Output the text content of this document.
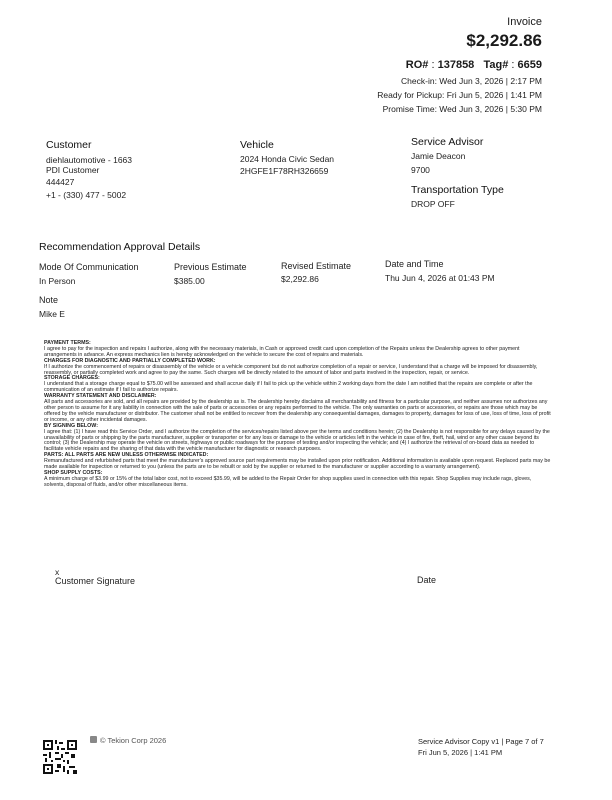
Invoice
$2,292.86
RO# : 137858 Tag# : 6659
Check-in: Wed Jun 3, 2026 | 2:17 PM
Ready for Pickup: Fri Jun 5, 2026 | 1:41 PM
Promise Time: Wed Jun 3, 2026 | 5:30 PM
Customer
diehlautomotive - 1663
PDI Customer
444427
+1 - (330) 477 - 5002
Vehicle
2024 Honda Civic Sedan
2HGFE1F78RH326659
Service Advisor
Jamie Deacon
9700
Transportation Type
DROP OFF
Recommendation Approval Details
Mode Of Communication	Previous Estimate	Revised Estimate	Date and Time
In Person	$385.00	$2,292.86	Thu Jun 4, 2026 at 01:43 PM
Note
Mike E

PAYMENT TERMS:

I agree to pay for the inspection and repairs I authorize, along with the necessary materials, in Cash or approved credit card upon completion of the Repairs unless the Dealership agrees to other payment arrangements in advance. An express mechanics lien is hereby acknowledged on the vehicle to secure the cost of repairs and materials.

CHARGES FOR DIAGNOSTIC AND PARTIALLY COMPLETED WORK:

If I authorize the commencement of repairs or disassembly of the vehicle or a vehicle component but do not authorize completion of a repair or service, I understand that a charge will be imposed for disassembly, reassembly, or partially completed work and agree to pay the same. Such charges will be directly related to the amount of labor and parts involved in the inspection, repair, or service.

STORAGE CHARGES:

I understand that a storage charge equal to $75.00 will be assessed and shall accrue daily if I fail to pick up the vehicle within 2 working days from the date I am notified that the repairs are complete or after the communication of an estimate if I fail to authorize repairs.

WARRANTY STATEMENT AND DISCLAIMER:

All parts and accessories are sold, and all repairs are provided by the dealership as is. The dealership hereby disclaims all merchantability and fitness for a particular purpose, and neither assumes nor authorizes any other person to assume for it any liability in connection with the sale of parts or accessories or any repairs performed to the vehicle. The only warranties on parts or accessories, or repairs are those which may be offered by the vehicle manufacturer or distributor. The customer shall not be entitled to recover from the dealership any consequential damages, damages to property, damages for loss of use, loss of time, loss of profit or income, or any other incidental damages.

BY SIGNING BELOW:

I agree that: (1) I have read this Service Order, and I authorize the completion of the services/repairs listed above per the terms and conditions herein; (2) the Dealership is not responsible for any delays caused by the unavailability of parts or shipping by the parts manufacturer, supplier or transporter or for any loss or damage to the vehicle or articles left in the vehicle in case of fire, theft, hail, wind or any other cause beyond its control; (3) the Dealership may operate the vehicle on streets, highways or public roadways for the purpose of testing and/or inspecting the vehicle; and (4) I authorize the retrieval of on-board data as needed to facilitate vehicle repairs and the sharing of that data with the vehicle manufacturer for diagnostic or research purposes.

PARTS: ALL PARTS ARE NEW UNLESS OTHERWISE INDICATED:

Remanufactured and refurbished parts that meet the manufacturer's approved source part requirements may be installed upon prior notification. Additional information is available upon request. Replaced parts may be made available for inspection or returned to you (unless the parts are to be rebuilt or sold by the supplier or returned to the manufacturer or supplier according to a warranty arrangement).

SHOP SUPPLY COSTS:

A minimum charge of $3.99 or 15% of the total labor cost, not to exceed $35.99, will be added to the Repair Order for shop supplies used in connection with this repair. Shop Supplies may include rags, gloves, solvents, disposal of fluids, and/or other miscellaneous items.

x
Customer Signature	Date
© Tekion Corp 2026	Service Advisor Copy v1 | Page 7 of 7
Fri Jun 5, 2026 | 1:41 PM
